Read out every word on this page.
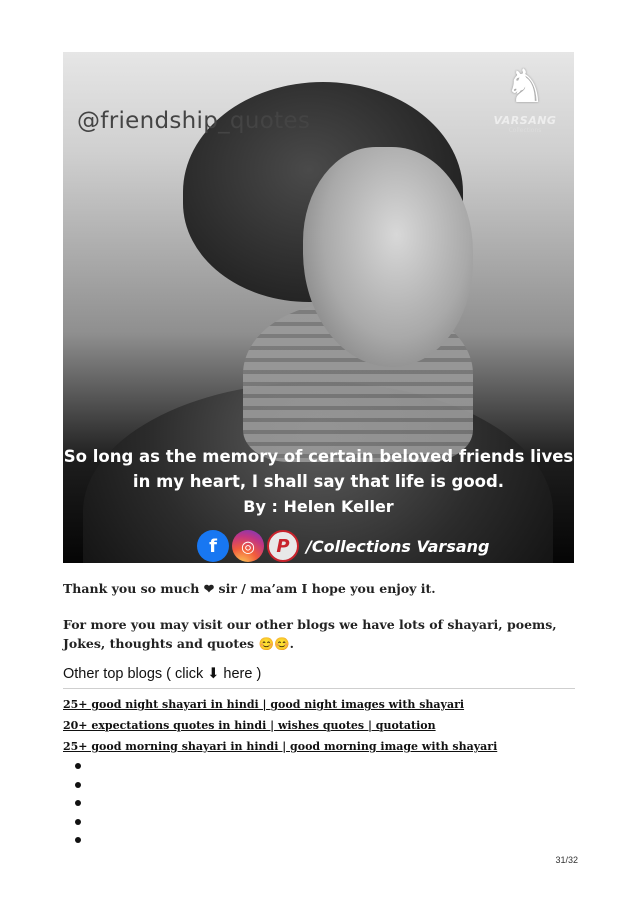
@friendship_quotes
♞
VARSANG
Collections
So long as the memory of certain beloved friends lives
in my heart, I shall say that life is good.
By : Helen Keller
f	◎	P	/Collections Varsang
Thank you so much ❤ sir / ma’am I hope you enjoy it.
For more you may visit our other blogs we have lots of shayari, poems, Jokes, thoughts and quotes 😊😊.
Other top blogs ( click ⬇ here )
25+ good night shayari in hindi | good night images with shayari
20+ expectations quotes in hindi | wishes quotes | quotation
25+ good morning shayari in hindi | good morning image with shayari
31/32
